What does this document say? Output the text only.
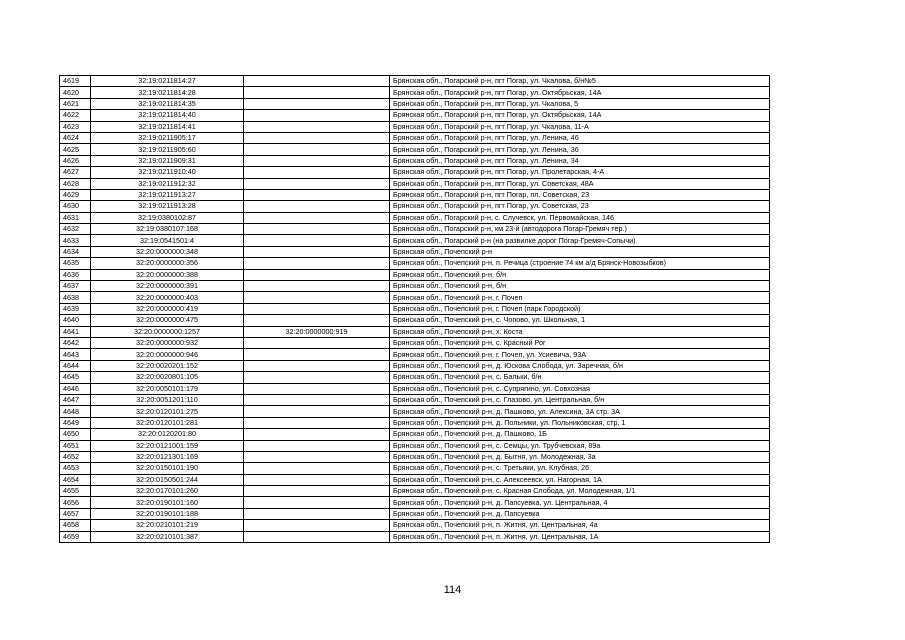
4619	32:19:0211814:27		Брянская обл., Погарский р-н, пгт Погар, ул. Чкалова, б/н№5
4620	32:19:0211814:28		Брянская обл., Погарский р-н, пгт Погар, ул. Октябрьская, 14А
4621	32:19:0211814:35		Брянская обл., Погарский р-н, пгт Погар, ул. Чкалова, 5
4622	32:19:0211814:40		Брянская обл., Погарский р-н, пгт Погар, ул. Октябрьская, 14А
4623	32:19:0211814:41		Брянская обл., Погарский р-н, пгт Погар, ул. Чкалова, 11-А
4624	32:19:0211905:17		Брянская обл., Погарский р-н, пгт Погар, ул. Ленина, 46
4625	32:19:0211905:60		Брянская обл., Погарский р-н, пгт Погар, ул. Ленина, 36
4626	32:19:0211909:31		Брянская обл., Погарский р-н, пгт Погар, ул. Ленина, 34
4627	32:19:0211910:40		Брянская обл., Погарский р-н, пгт Погар, ул. Пролетарская, 4-А
4628	32:19:0211912:32		Брянская обл., Погарский р-н, пгт Погар, ул. Советская, 48А
4629	32:19:0211913:27		Брянская обл., Погарский р-н, пгт Погар, пл. Советская, 23
4630	32:19:0211913:28		Брянская обл., Погарский р-н, пгт Погар, ул. Советская, 23
4631	32:19:0380102:87		Брянская обл., Погарский р-н, с. Случевск, ул. Первомайская, 146
4632	32:19:0380107:168		Брянская обл., Погарский р-н, км 23-й (автодорога Погар-Гремяч тер.)
4633	32:19:0541501:4		Брянская обл., Погарский р-н (на развилке дорог Погар-Гремяч-Сопычи)
4634	32:20:0000000:348		Брянская обл., Почепский р-н
4635	32:20:0000000:356		Брянская обл., Почепский р-н, п. Речица (строение 74 км а/д Брянск-Новозыбков)
4636	32:20:0000000:388		Брянская обл., Почепский р-н, б/н
4637	32:20:0000000:391		Брянская обл., Почепский р-н, б/н
4638	32:20:0000000:403		Брянская обл., Почепский р-н, г. Почеп
4639	32:20:0000000:419		Брянская обл., Почепский р-н, г. Почеп (парк Городской)
4640	32:20:0000000:475		Брянская обл., Почепский р-н, с. Чопово, ул. Школьная, 1
4641	32:20:0000000:1257	32:20:0000000:919	Брянская обл., Почепский р-н, х. Коста
4642	32:20:0000000:932		Брянская обл., Почепский р-н, с. Красный Рог
4643	32:20:0000000:946		Брянская обл., Почепский р-н, г. Почеп, ул. Усиевича, 93А
4644	32:20:0020201:152		Брянская обл., Почепский р-н, д. Юскова Слобода, ул. Заречная, б/н
4645	32:20:0020801:105		Брянская обл., Почепский р-н, с. Бальки, б/н
4646	32:20:0050101:179		Брянская обл., Почепский р-н, с. Супрягино, ул. Совхозная
4647	32:20:0051201:110		Брянская обл., Почепский р-н, с. Глазово, ул. Центральная, б/н
4648	32:20:0120101:275		Брянская обл., Почепский р-н, д. Пашково, ул. Алексина, 3А стр. 3А
4649	32:20:0120101:281		Брянская обл., Почепский р-н, д. Польники, ул. Польниковская, стр. 1
4650	32:20:0120201:80		Брянская обл., Почепский р-н, д. Пашково, 1Б
4651	32:20:0121001:159		Брянская обл., Почепский р-н, с. Семцы, ул. Трубчевская, 89а
4652	32:20:0121301:169		Брянская обл., Почепский р-н, д. Бытня, ул. Молодежная, 3а
4653	32:20:0150101:190		Брянская обл., Почепский р-н, с. Третьяки, ул. Клубная, 26
4654	32:20:0150501:244		Брянская обл., Почепский р-н, с. Алексеевск, ул. Нагорная, 1А
4655	32:20:0170101:260		Брянская обл., Почепский р-н, с. Красная Слобода, ул. Молодежная, 1/1
4656	32:20:0190101:160		Брянская обл., Почепский р-н, д. Папсуевка, ул. Центральная, 4
4657	32:20:0190101:188		Брянская обл., Почепский р-н, д. Папсуевка
4658	32:20:0210101:219		Брянская обл., Почепский р-н, п. Житня, ул. Центральная, 4а
4659	32:20:0210101:387		Брянская обл., Почепский р-н, п. Житня, ул. Центральная, 1А
114
